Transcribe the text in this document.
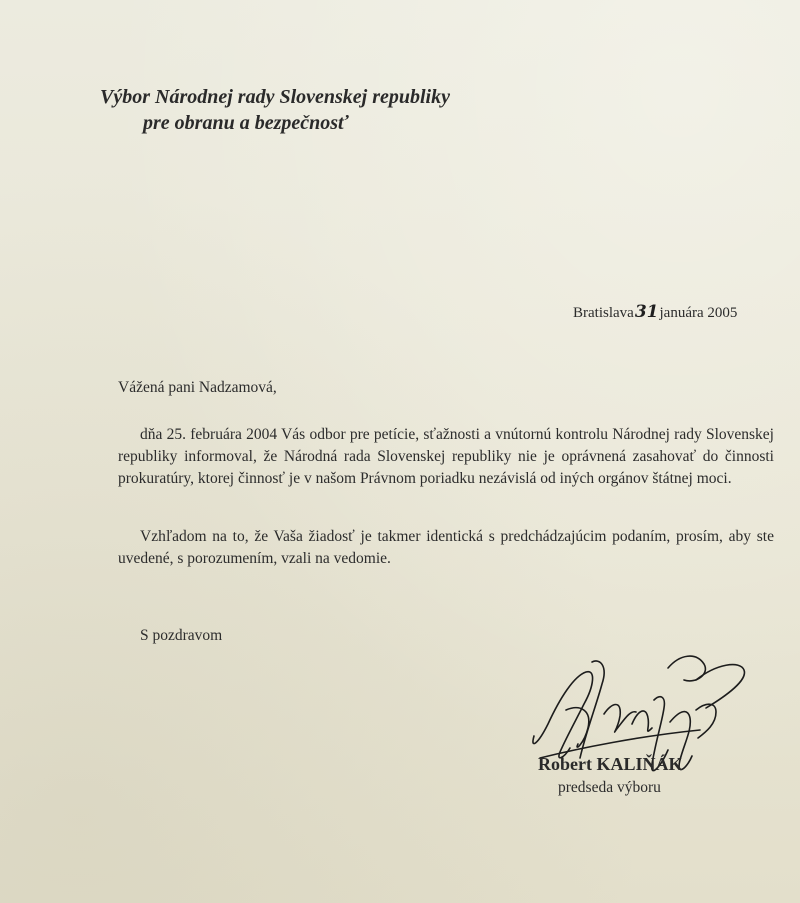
Výbor Národnej rady Slovenskej republiky
pre obranu a bezpečnosť
Bratislava31januára 2005
Vážená pani Nadzamová,
dňa 25. februára 2004 Vás odbor pre petície, sťažnosti a vnútornú kontrolu Národnej rady Slovenskej republiky informoval, že Národná rada Slovenskej republiky nie je oprávnená zasahovať do činnosti prokuratúry, ktorej činnosť je v našom Právnom poriadku nezávislá od iných orgánov štátnej moci.
Vzhľadom na to, že Vaša žiadosť je takmer identická s predchádzajúcim podaním, prosím, aby ste uvedené, s porozumením, vzali na vedomie.
S pozdravom
Robert KALIŇÁK
predseda výboru
